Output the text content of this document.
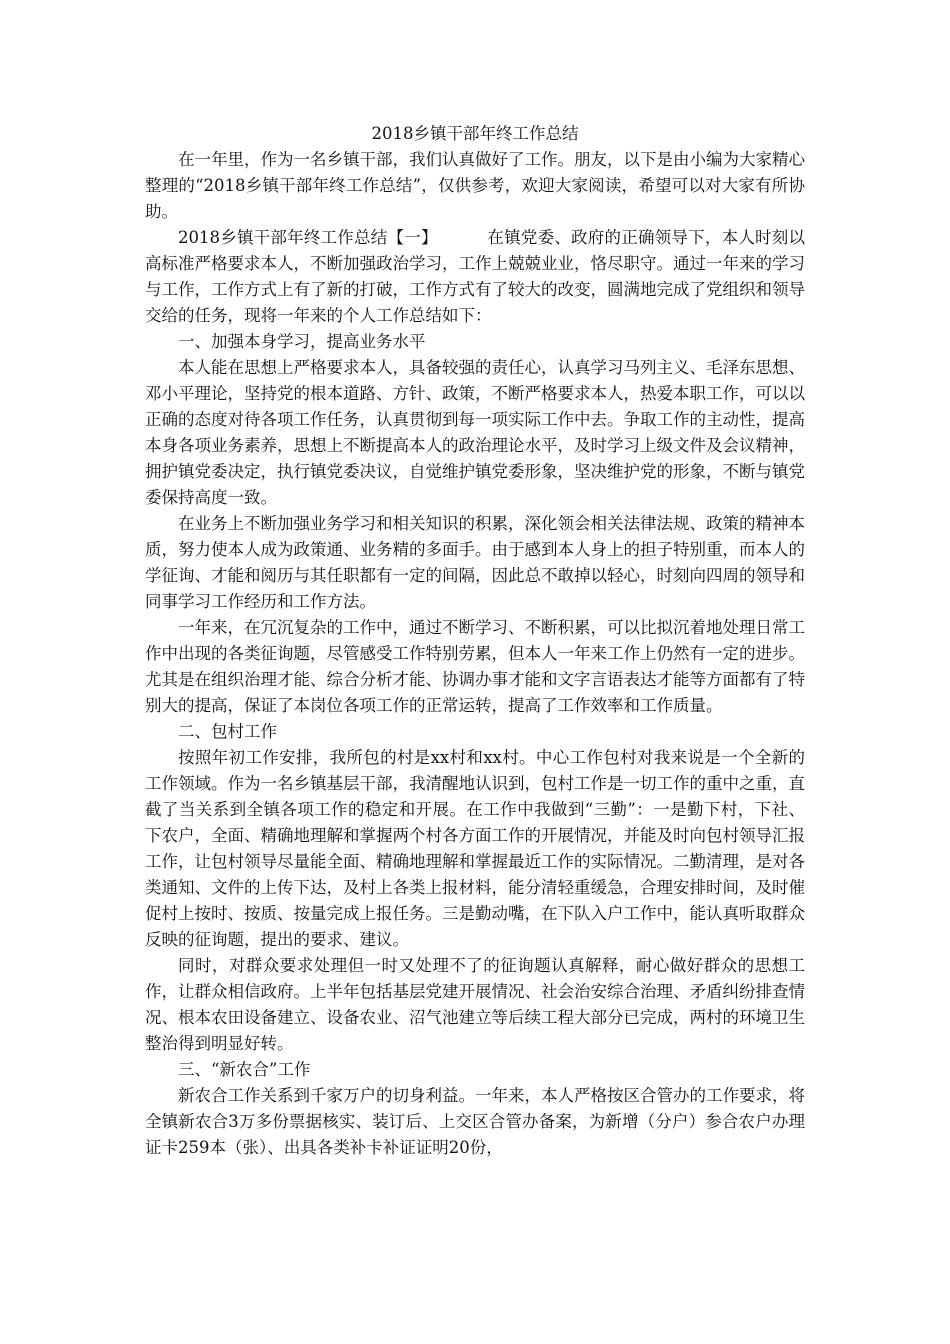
2018乡镇干部年终工作总结

在一年里，作为一名乡镇干部，我们认真做好了工作。朋友，以下是由小编为大家精心整理的“2018乡镇干部年终工作总结”，仅供参考，欢迎大家阅读，希望可以对大家有所协助。

2018乡镇干部年终工作总结【一】	在镇党委、政府的正确领导下，本人时刻以高标准严格要求本人，不断加强政治学习，工作上兢兢业业，恪尽职守。通过一年来的学习与工作，工作方式上有了新的打破，工作方式有了较大的改变，圆满地完成了党组织和领导交给的任务，现将一年来的个人工作总结如下：

一、加强本身学习，提高业务水平

本人能在思想上严格要求本人，具备较强的责任心，认真学习马列主义、毛泽东思想、邓小平理论，坚持党的根本道路、方针、政策，不断严格要求本人，热爱本职工作，可以以正确的态度对待各项工作任务，认真贯彻到每一项实际工作中去。争取工作的主动性，提高本身各项业务素养，思想上不断提高本人的政治理论水平，及时学习上级文件及会议精神，拥护镇党委决定，执行镇党委决议，自觉维护镇党委形象，坚决维护党的形象，不断与镇党委保持高度一致。

在业务上不断加强业务学习和相关知识的积累，深化领会相关法律法规、政策的精神本质，努力使本人成为政策通、业务精的多面手。由于感到本人身上的担子特别重，而本人的学征询、才能和阅历与其任职都有一定的间隔，因此总不敢掉以轻心，时刻向四周的领导和同事学习工作经历和工作方法。

一年来，在冗沉复杂的工作中，通过不断学习、不断积累，可以比拟沉着地处理日常工作中出现的各类征询题，尽管感受工作特别劳累，但本人一年来工作上仍然有一定的进步。尤其是在组织治理才能、综合分析才能、协调办事才能和文字言语表达才能等方面都有了特别大的提高，保证了本岗位各项工作的正常运转，提高了工作效率和工作质量。

二、包村工作

按照年初工作安排，我所包的村是xx村和xx村。中心工作包村对我来说是一个全新的工作领域。作为一名乡镇基层干部，我清醒地认识到，包村工作是一切工作的重中之重，直截了当关系到全镇各项工作的稳定和开展。在工作中我做到“三勤”：一是勤下村，下社、下农户，全面、精确地理解和掌握两个村各方面工作的开展情况，并能及时向包村领导汇报工作，让包村领导尽量能全面、精确地理解和掌握最近工作的实际情况。二勤清理，是对各类通知、文件的上传下达，及村上各类上报材料，能分清轻重缓急，合理安排时间，及时催促村上按时、按质、按量完成上报任务。三是勤动嘴，在下队入户工作中，能认真听取群众反映的征询题，提出的要求、建议。

同时，对群众要求处理但一时又处理不了的征询题认真解释，耐心做好群众的思想工作，让群众相信政府。上半年包括基层党建开展情况、社会治安综合治理、矛盾纠纷排查情况、根本农田设备建立、设备农业、沼气池建立等后续工程大部分已完成，两村的环境卫生整治得到明显好转。

三、“新农合”工作

新农合工作关系到千家万户的切身利益。一年来，本人严格按区合管办的工作要求，将全镇新农合3万多份票据核实、装订后、上交区合管办备案，为新增（分户）参合农户办理证卡259本（张）、出具各类补卡补证证明20份，
